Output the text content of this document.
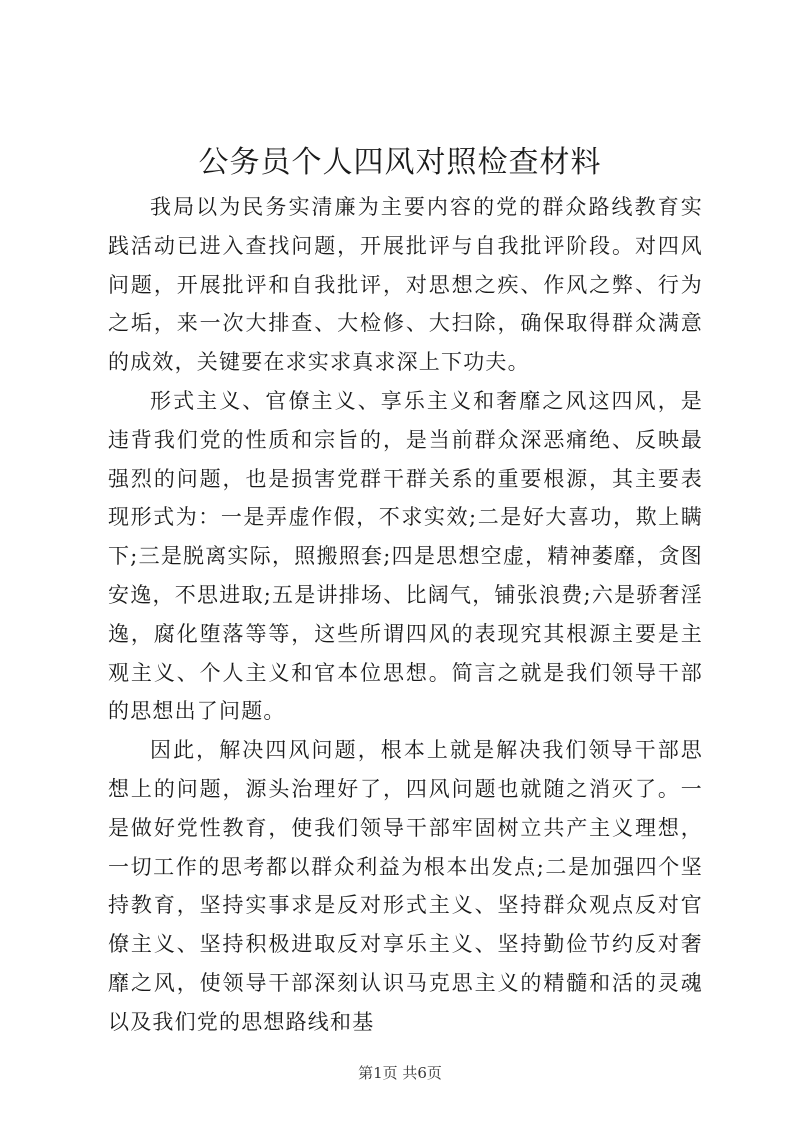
公务员个人四风对照检查材料

我局以为民务实清廉为主要内容的党的群众路线教育实践活动已进入查找问题，开展批评与自我批评阶段。对四风问题，开展批评和自我批评，对思想之疾、作风之弊、行为之垢，来一次大排查、大检修、大扫除，确保取得群众满意的成效，关键要在求实求真求深上下功夫。

形式主义、官僚主义、享乐主义和奢靡之风这四风，是违背我们党的性质和宗旨的，是当前群众深恶痛绝、反映最强烈的问题，也是损害党群干群关系的重要根源，其主要表现形式为：一是弄虚作假，不求实效;二是好大喜功，欺上瞒下;三是脱离实际，照搬照套;四是思想空虚，精神萎靡，贪图安逸，不思进取;五是讲排场、比阔气，铺张浪费;六是骄奢淫逸，腐化堕落等等，这些所谓四风的表现究其根源主要是主观主义、个人主义和官本位思想。简言之就是我们领导干部的思想出了问题。

因此，解决四风问题，根本上就是解决我们领导干部思想上的问题，源头治理好了，四风问题也就随之消灭了。一是做好党性教育，使我们领导干部牢固树立共产主义理想，一切工作的思考都以群众利益为根本出发点;二是加强四个坚持教育，坚持实事求是反对形式主义、坚持群众观点反对官僚主义、坚持积极进取反对享乐主义、坚持勤俭节约反对奢靡之风，使领导干部深刻认识马克思主义的精髓和活的灵魂以及我们党的思想路线和基

第1页 共6页
